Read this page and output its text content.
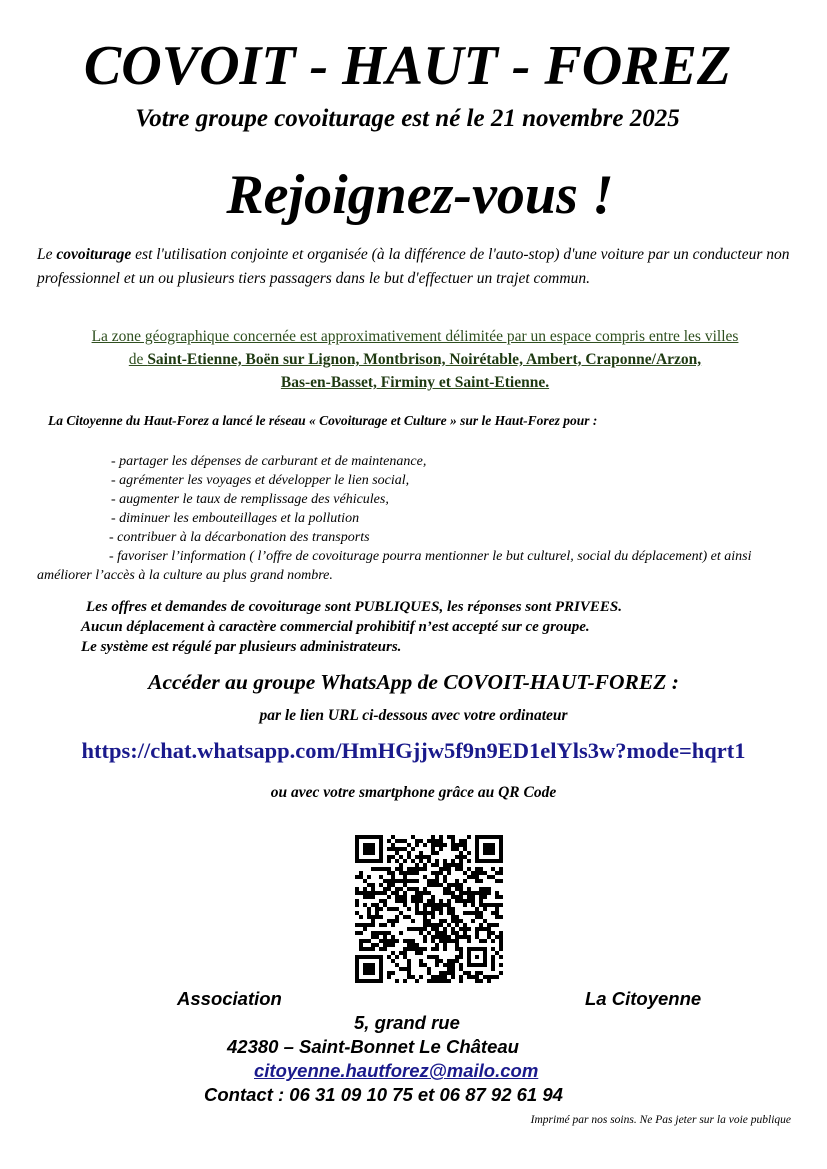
COVOIT - HAUT - FOREZ
Votre groupe covoiturage est né le 21 novembre 2025
Rejoignez-vous !
Le covoiturage est l'utilisation conjointe et organisée (à la différence de l'auto-stop) d'une voiture par un conducteur non professionnel et un ou plusieurs tiers passagers dans le but d'effectuer un trajet commun.
La zone géographique concernée est approximativement délimitée par un espace compris entre les villes
de Saint-Etienne, Boën sur Lignon, Montbrison, Noirétable, Ambert, Craponne/Arzon,
Bas-en-Basset, Firminy et Saint-Etienne.
La Citoyenne du Haut-Forez a lancé le réseau « Covoiturage et Culture » sur le Haut-Forez pour :
- partager les dépenses de carburant et de maintenance,
- agrémenter les voyages et développer le lien social,
- augmenter le taux de remplissage des véhicules,
- diminuer les embouteillages et la pollution
- contribuer à la décarbonation des transports
- favoriser l’information ( l’offre de covoiturage pourra mentionner le but culturel, social du déplacement) et ainsi améliorer l’accès à la culture au plus grand nombre.
Les offres et demandes de covoiturage sont PUBLIQUES, les réponses sont PRIVEES.
Aucun déplacement à caractère commercial prohibitif n’est accepté sur ce groupe.
Le système est régulé par plusieurs administrateurs.
Accéder au groupe WhatsApp de COVOIT-HAUT-FOREZ :
par le lien URL ci-dessous avec votre ordinateur
https://chat.whatsapp.com/HmHGjjw5f9n9ED1elYls3w?mode=hqrt1
ou avec votre smartphone grâce au QR Code
Association	La Citoyenne
5, grand rue
42380 – Saint-Bonnet Le Château
citoyenne.hautforez@mailo.com
Contact : 06 31 09 10 75 et 06 87 92 61 94
Imprimé par nos soins. Ne Pas jeter sur la voie publique
